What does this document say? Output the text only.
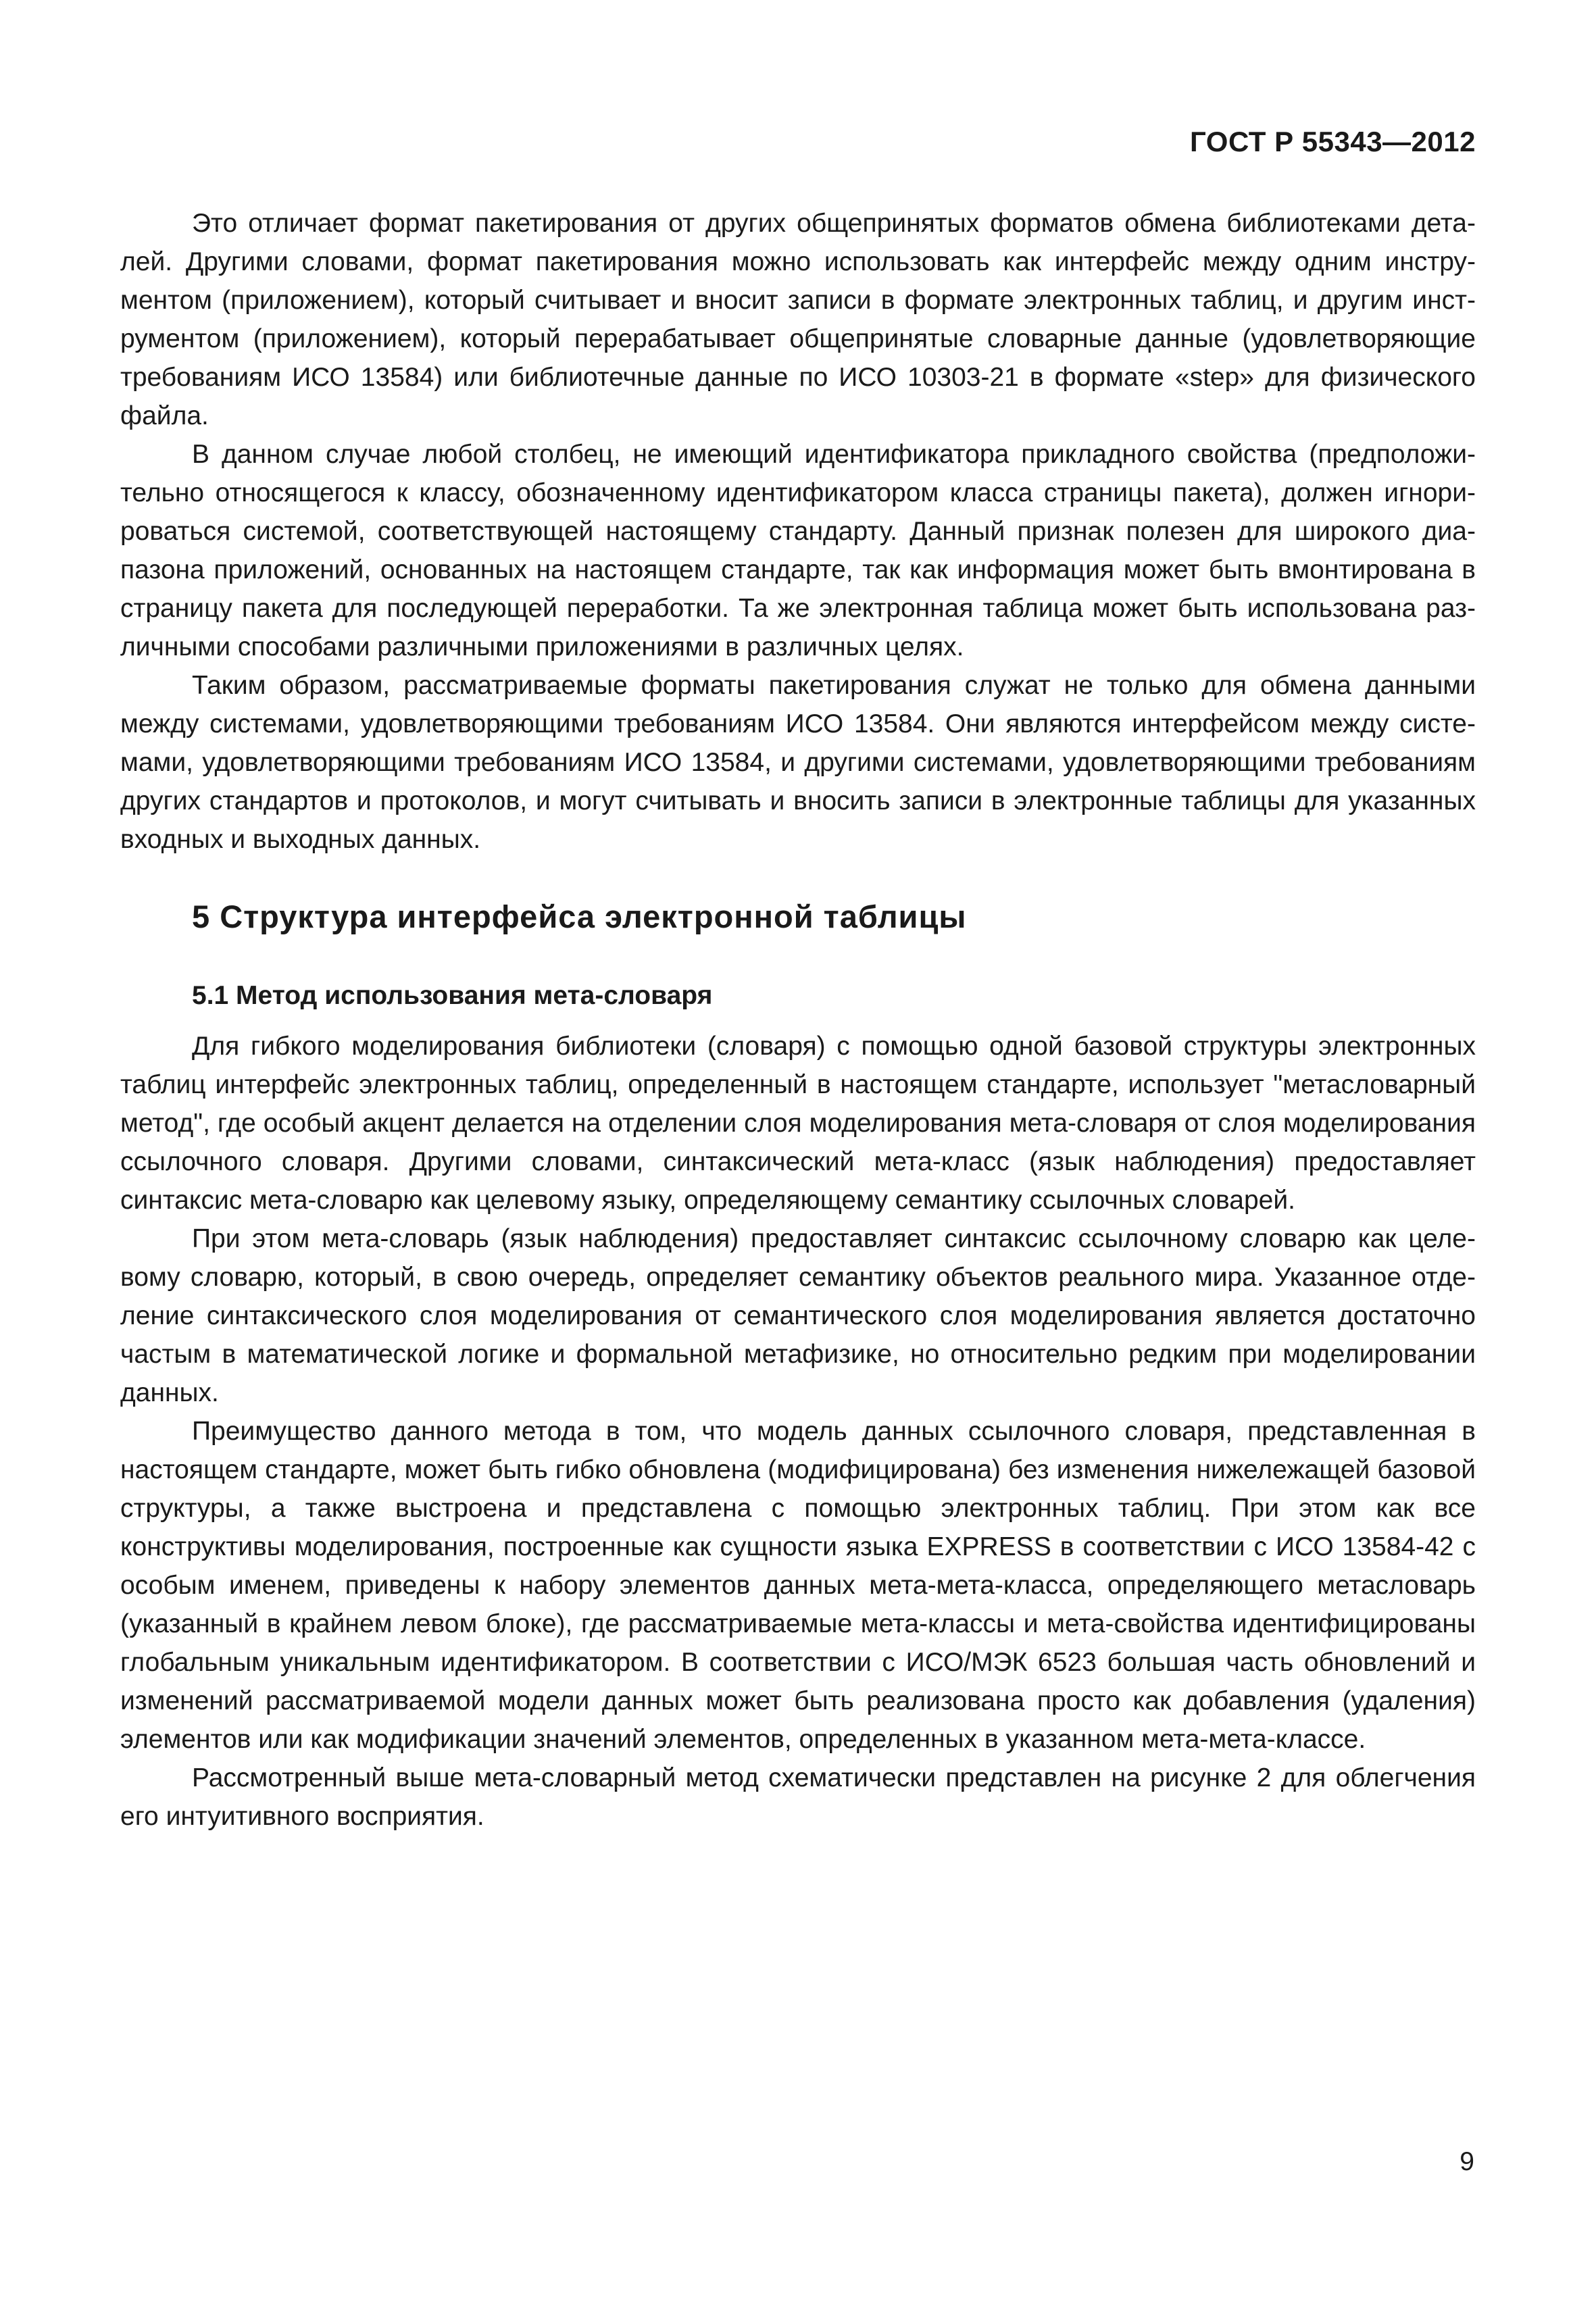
ГОСТ Р 55343—2012

Это отличает формат пакетирования от других общепринятых форматов обмена библиотеками деталей. Другими словами, формат пакетирования можно использовать как интерфейс между одним инструментом (приложением), который считывает и вносит записи в формате электронных таблиц, и другим инструментом (приложением), который перерабатывает общепринятые словарные данные (удовлетворяющие требованиям ИСО 13584) или библиотечные данные по ИСО 10303-21 в формате «step» для физического файла.

В данном случае любой столбец, не имеющий идентификатора прикладного свойства (предположительно относящегося к классу, обозначенному идентификатором класса страницы пакета), должен игнорироваться системой, соответствующей настоящему стандарту. Данный признак полезен для широкого диапазона приложений, основанных на настоящем стандарте, так как информация может быть вмонтирована в страницу пакета для последующей переработки. Та же электронная таблица может быть использована различными способами различными приложениями в различных целях.

Таким образом, рассматриваемые форматы пакетирования служат не только для обмена данными между системами, удовлетворяющими требованиям ИСО 13584. Они являются интерфейсом между системами, удовлетворяющими требованиям ИСО 13584, и другими системами, удовлетворяющими требованиям других стандартов и протоколов, и могут считывать и вносить записи в электронные таблицы для указанных входных и выходных данных.

5 Структура интерфейса электронной таблицы
5.1 Метод использования мета-словаря

Для гибкого моделирования библиотеки (словаря) с помощью одной базовой структуры электронных таблиц интерфейс электронных таблиц, определенный в настоящем стандарте, использует "метасловарный метод", где особый акцент делается на отделении слоя моделирования мета-словаря от слоя моделирования ссылочного словаря. Другими словами, синтаксический мета-класс (язык наблюдения) предоставляет синтаксис мета-словарю как целевому языку, определяющему семантику ссылочных словарей.

При этом мета-словарь (язык наблюдения) предоставляет синтаксис ссылочному словарю как целевому словарю, который, в свою очередь, определяет семантику объектов реального мира. Указанное отделение синтаксического слоя моделирования от семантического слоя моделирования является достаточно частым в математической логике и формальной метафизике, но относительно редким при моделировании данных.

Преимущество данного метода в том, что модель данных ссылочного словаря, представленная в настоящем стандарте, может быть гибко обновлена (модифицирована) без изменения нижележащей базовой структуры, а также выстроена и представлена с помощью электронных таблиц. При этом как все конструктивы моделирования, построенные как сущности языка EXPRESS в соответствии с ИСО 13584-42 с особым именем, приведены к набору элементов данных мета-мета-класса, определяющего метасловарь (указанный в крайнем левом блоке), где рассматриваемые мета-классы и мета-свойства идентифицированы глобальным уникальным идентификатором. В соответствии с ИСО/МЭК 6523 большая часть обновлений и изменений рассматриваемой модели данных может быть реализована просто как добавления (удаления) элементов или как модификации значений элементов, определенных в указанном мета-мета-классе.

Рассмотренный выше мета-словарный метод схематически представлен на рисунке 2 для облегчения его интуитивного восприятия.

9
